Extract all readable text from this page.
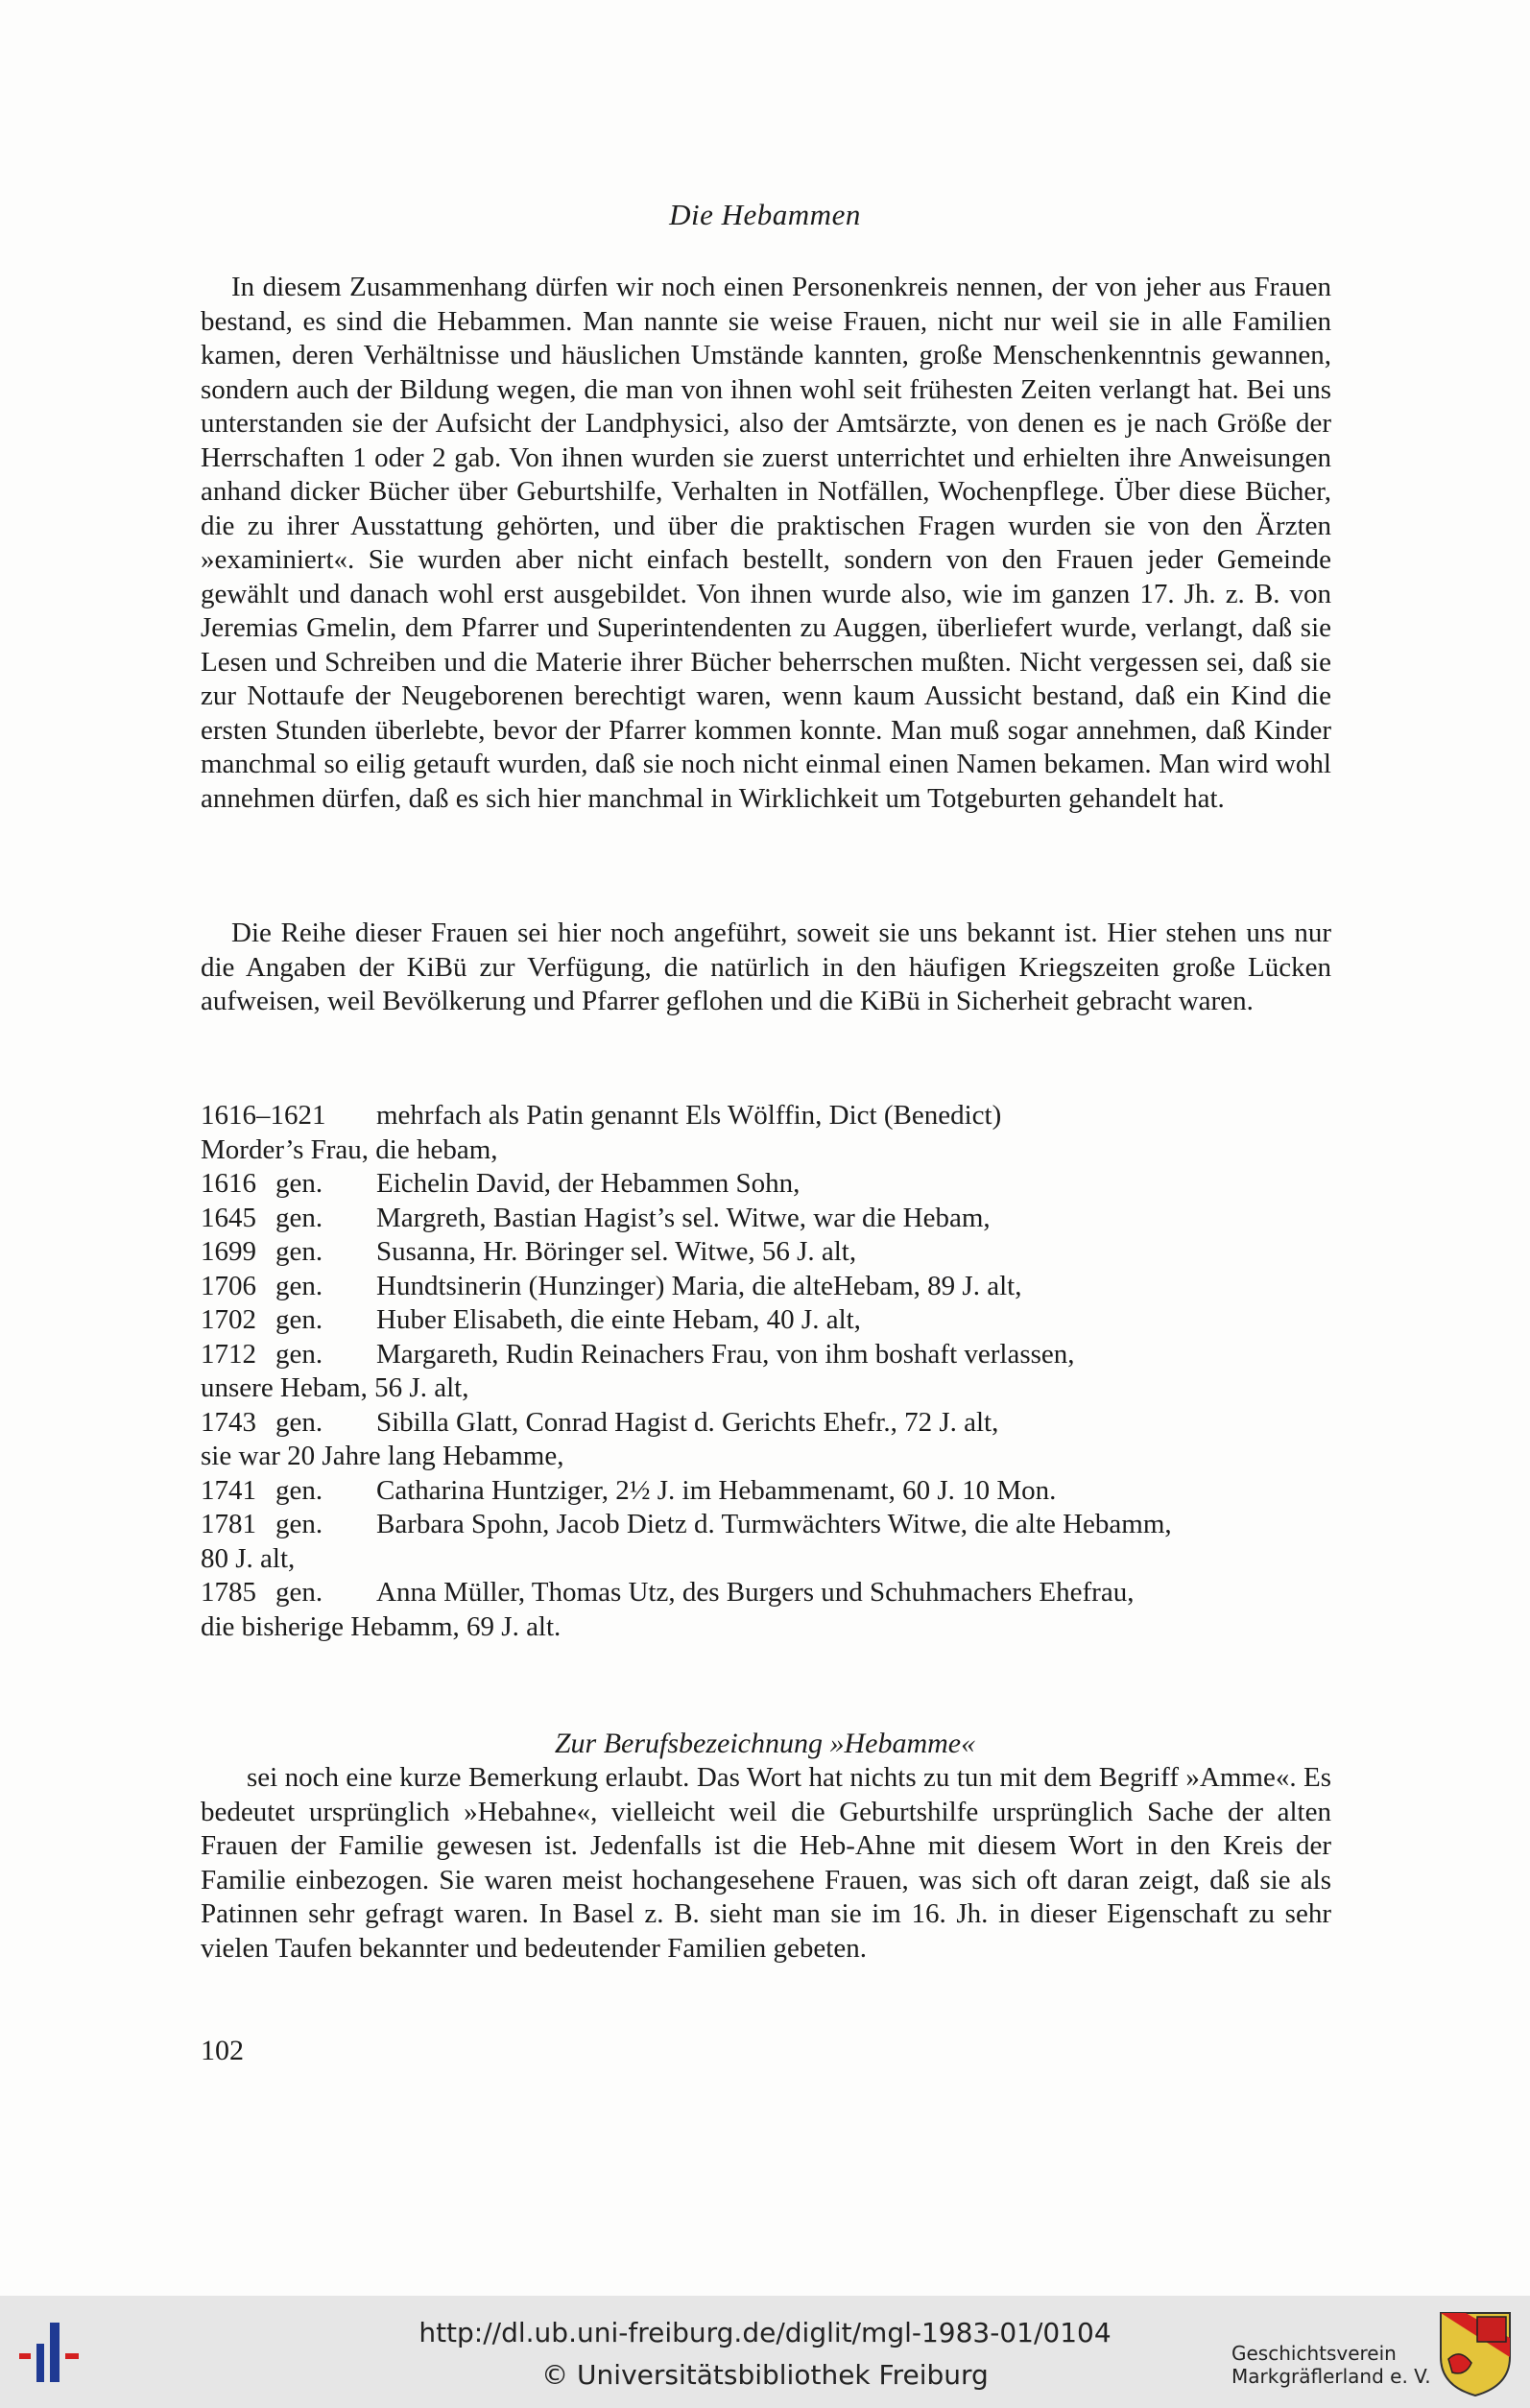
Die Hebammen

In diesem Zusammenhang dürfen wir noch einen Personenkreis nennen, der von jeher aus Frauen bestand, es sind die Hebammen. Man nannte sie weise Frauen, nicht nur weil sie in alle Familien kamen, deren Verhältnisse und häuslichen Umstände kannten, große Menschenkenntnis gewannen, sondern auch der Bildung wegen, die man von ihnen wohl seit frühesten Zeiten verlangt hat. Bei uns unterstanden sie der Aufsicht der Landphysici, also der Amtsärzte, von denen es je nach Größe der Herrschaften 1 oder 2 gab. Von ihnen wurden sie zuerst unterrichtet und erhielten ihre Anweisungen anhand dicker Bücher über Geburtshilfe, Verhalten in Notfällen, Wochenpflege. Über diese Bücher, die zu ihrer Ausstattung gehörten, und über die praktischen Fragen wurden sie von den Ärzten »examiniert«. Sie wurden aber nicht einfach bestellt, sondern von den Frauen jeder Gemeinde gewählt und danach wohl erst ausgebildet. Von ihnen wurde also, wie im ganzen 17. Jh. z. B. von Jeremias Gmelin, dem Pfarrer und Superintendenten zu Auggen, überliefert wurde, verlangt, daß sie Lesen und Schreiben und die Materie ihrer Bücher beherrschen mußten. Nicht vergessen sei, daß sie zur Nottaufe der Neugeborenen berechtigt waren, wenn kaum Aussicht bestand, daß ein Kind die ersten Stunden überlebte, bevor der Pfarrer kommen konnte. Man muß sogar annehmen, daß Kinder manchmal so eilig getauft wurden, daß sie noch nicht einmal einen Namen bekamen. Man wird wohl annehmen dürfen, daß es sich hier manchmal in Wirklichkeit um Totgeburten gehandelt hat.

Die Reihe dieser Frauen sei hier noch angeführt, soweit sie uns bekannt ist. Hier stehen uns nur die Angaben der KiBü zur Verfügung, die natürlich in den häufigen Kriegszeiten große Lücken aufweisen, weil Bevölkerung und Pfarrer geflohen und die KiBü in Sicherheit gebracht waren.

1616–1621	mehrfach als Patin genannt Els Wölffin, Dict (Benedict)
Morder’s Frau, die hebam,
1616 gen.	Eichelin David, der Hebammen Sohn,
1645 gen.	Margreth, Bastian Hagist’s sel. Witwe, war die Hebam,
1699 gen.	Susanna, Hr. Böringer sel. Witwe, 56 J. alt,
1706 gen.	Hundtsinerin (Hunzinger) Maria, die alteHebam, 89 J. alt,
1702 gen.	Huber Elisabeth, die einte Hebam, 40 J. alt,
1712 gen.	Margareth, Rudin Reinachers Frau, von ihm boshaft verlassen,
unsere Hebam, 56 J. alt,
1743 gen.	Sibilla Glatt, Conrad Hagist d. Gerichts Ehefr., 72 J. alt,
sie war 20 Jahre lang Hebamme,
1741 gen.	Catharina Huntziger, 2½ J. im Hebammenamt, 60 J. 10 Mon.
1781 gen.	Barbara Spohn, Jacob Dietz d. Turmwächters Witwe, die alte Hebamm,
80 J. alt,
1785 gen.	Anna Müller, Thomas Utz, des Burgers und Schuhmachers Ehefrau,
die bisherige Hebamm, 69 J. alt.
Zur Berufsbezeichnung »Hebamme«

sei noch eine kurze Bemerkung erlaubt. Das Wort hat nichts zu tun mit dem Begriff »Amme«. Es bedeutet ursprünglich »Hebahne«, vielleicht weil die Geburtshilfe ursprünglich Sache der alten Frauen der Familie gewesen ist. Jedenfalls ist die Heb-Ahne mit diesem Wort in den Kreis der Familie einbezogen. Sie waren meist hochangesehene Frauen, was sich oft daran zeigt, daß sie als Patinnen sehr gefragt waren. In Basel z. B. sieht man sie im 16. Jh. in dieser Eigenschaft zu sehr vielen Taufen bekannter und bedeutender Familien gebeten.

102
http://dl.ub.uni-freiburg.de/diglit/mgl-1983-01/0104
© Universitätsbibliothek Freiburg
Geschichtsverein
Markgräflerland e. V.
